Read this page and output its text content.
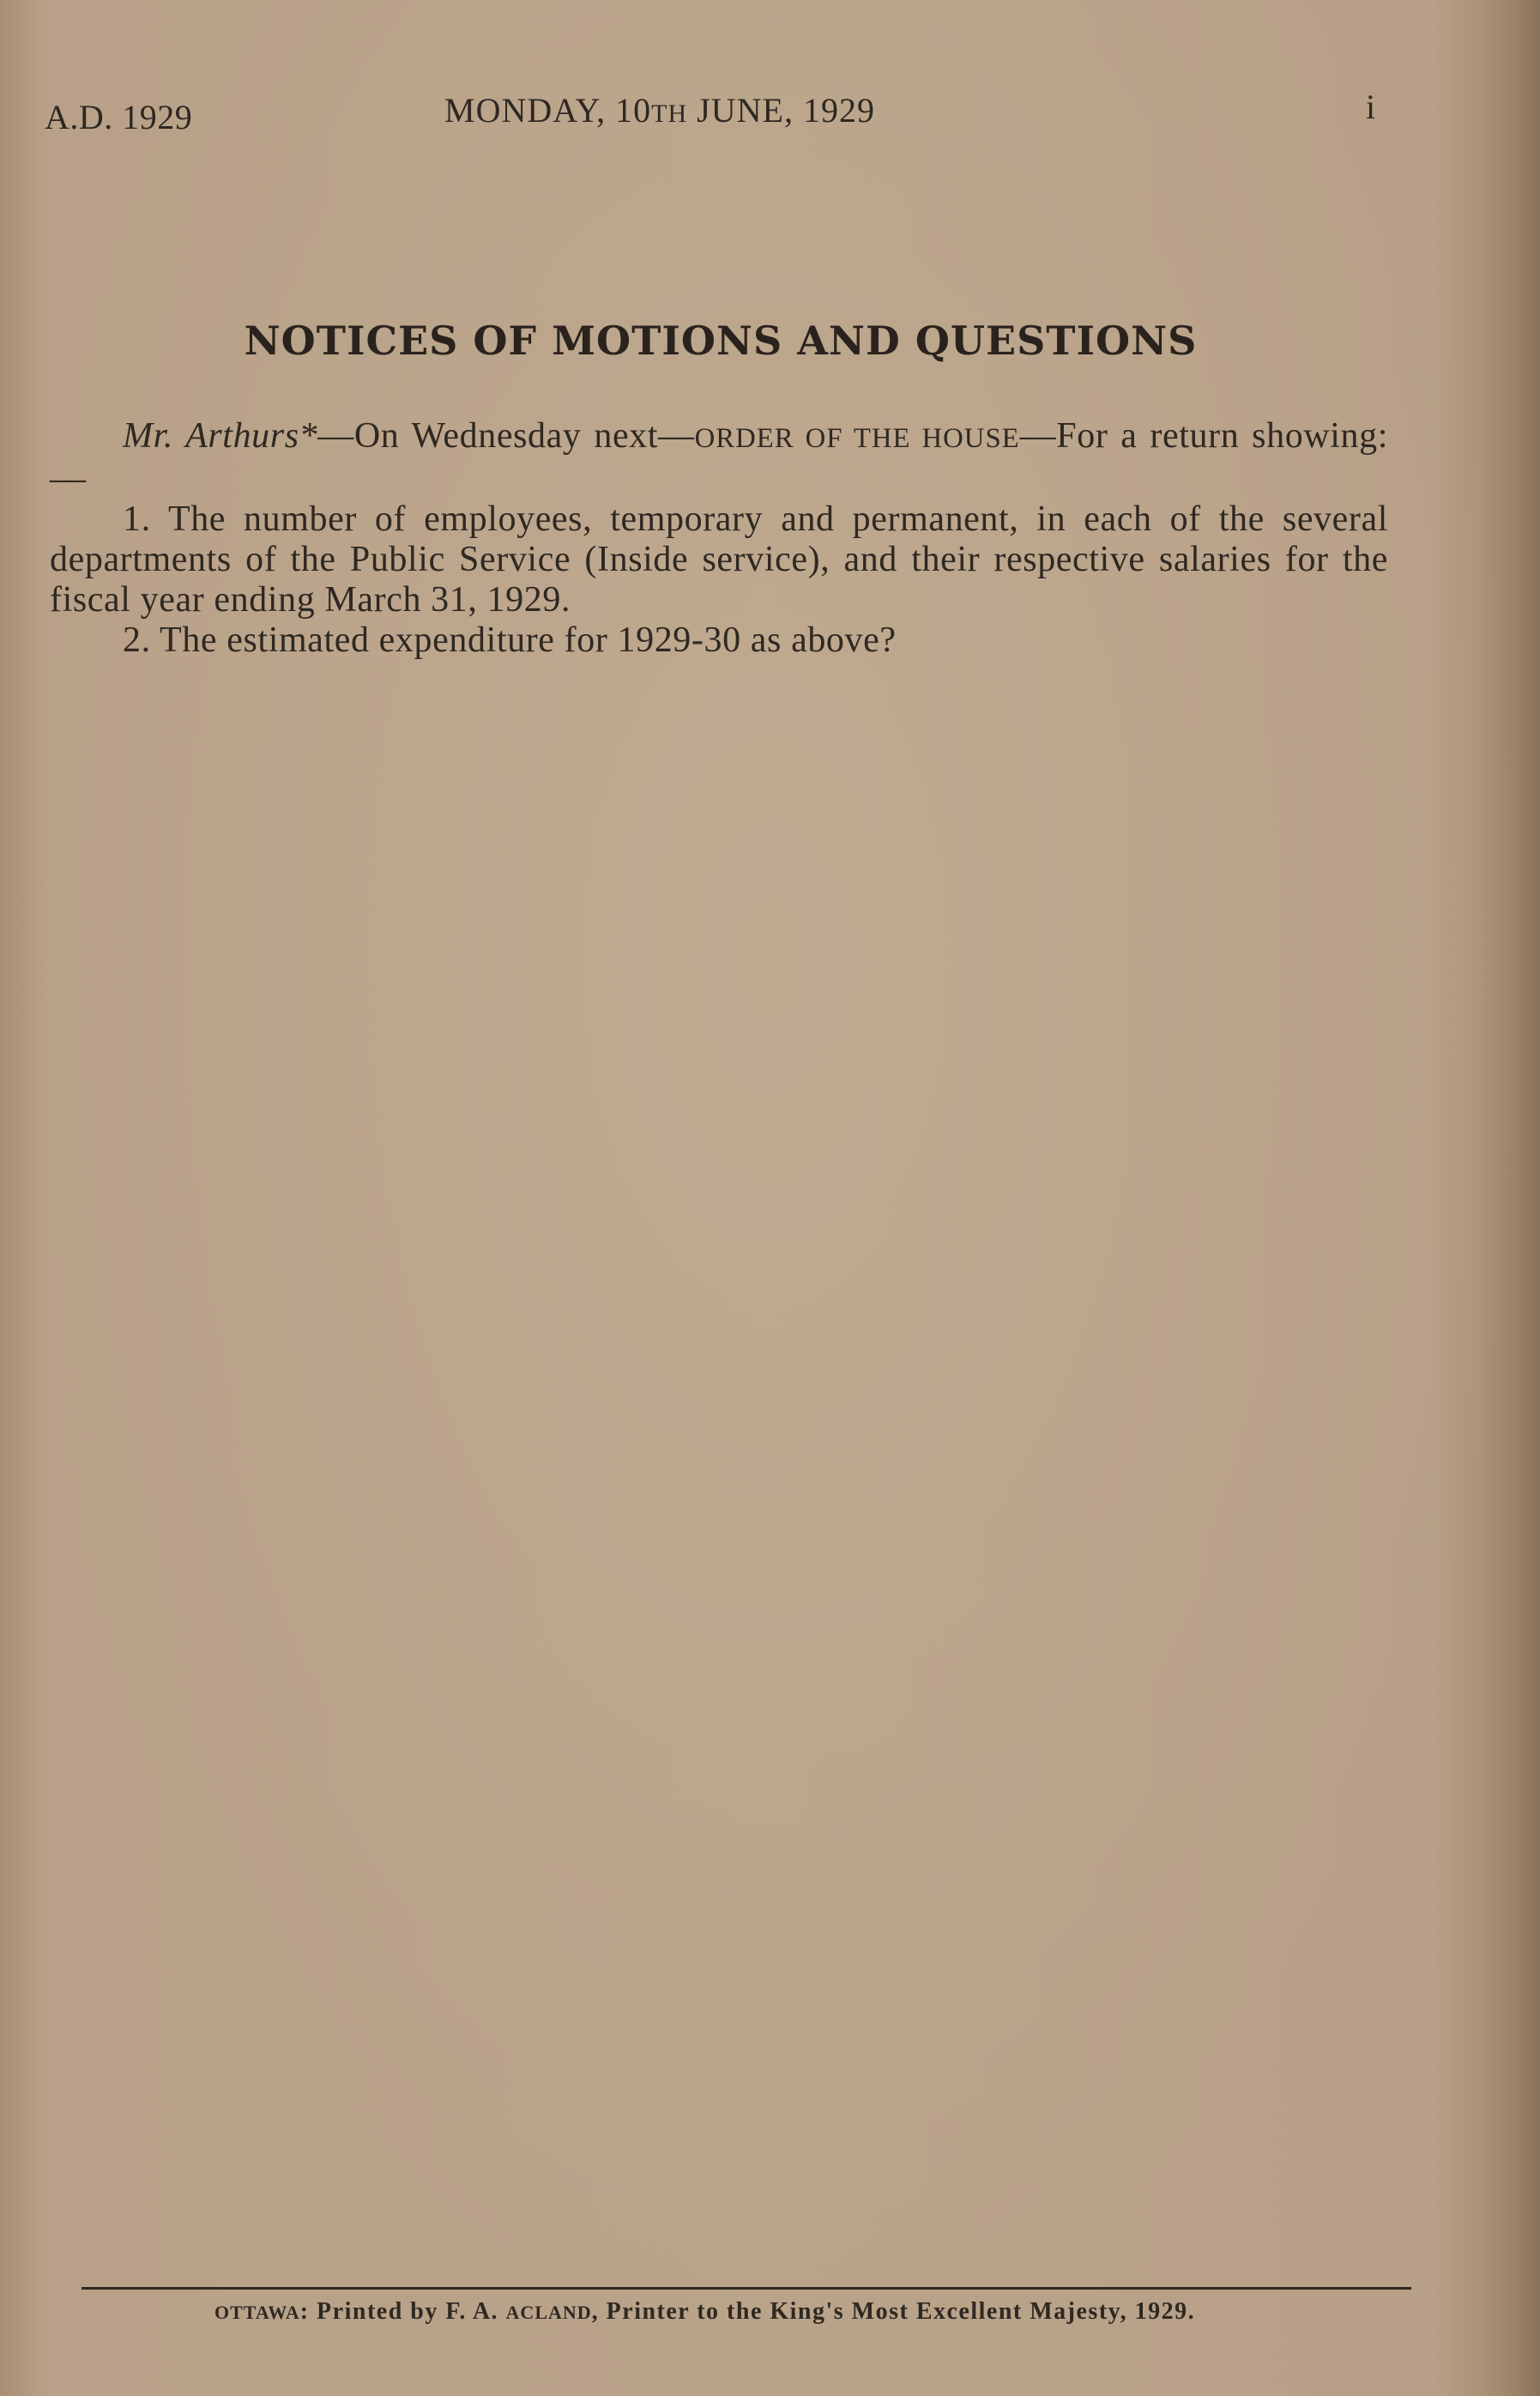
A.D. 1929	MONDAY, 10TH JUNE, 1929	i
NOTICES OF MOTIONS AND QUESTIONS

Mr. Arthurs*—On Wednesday next—ORDER OF THE HOUSE—For a return showing:—

1. The number of employees, temporary and permanent, in each of the several departments of the Public Service (Inside service), and their respective salaries for the fiscal year ending March 31, 1929.

2. The estimated expenditure for 1929-30 as above?

OTTAWA: Printed by F. A. ACLAND, Printer to the King's Most Excellent Majesty, 1929.
